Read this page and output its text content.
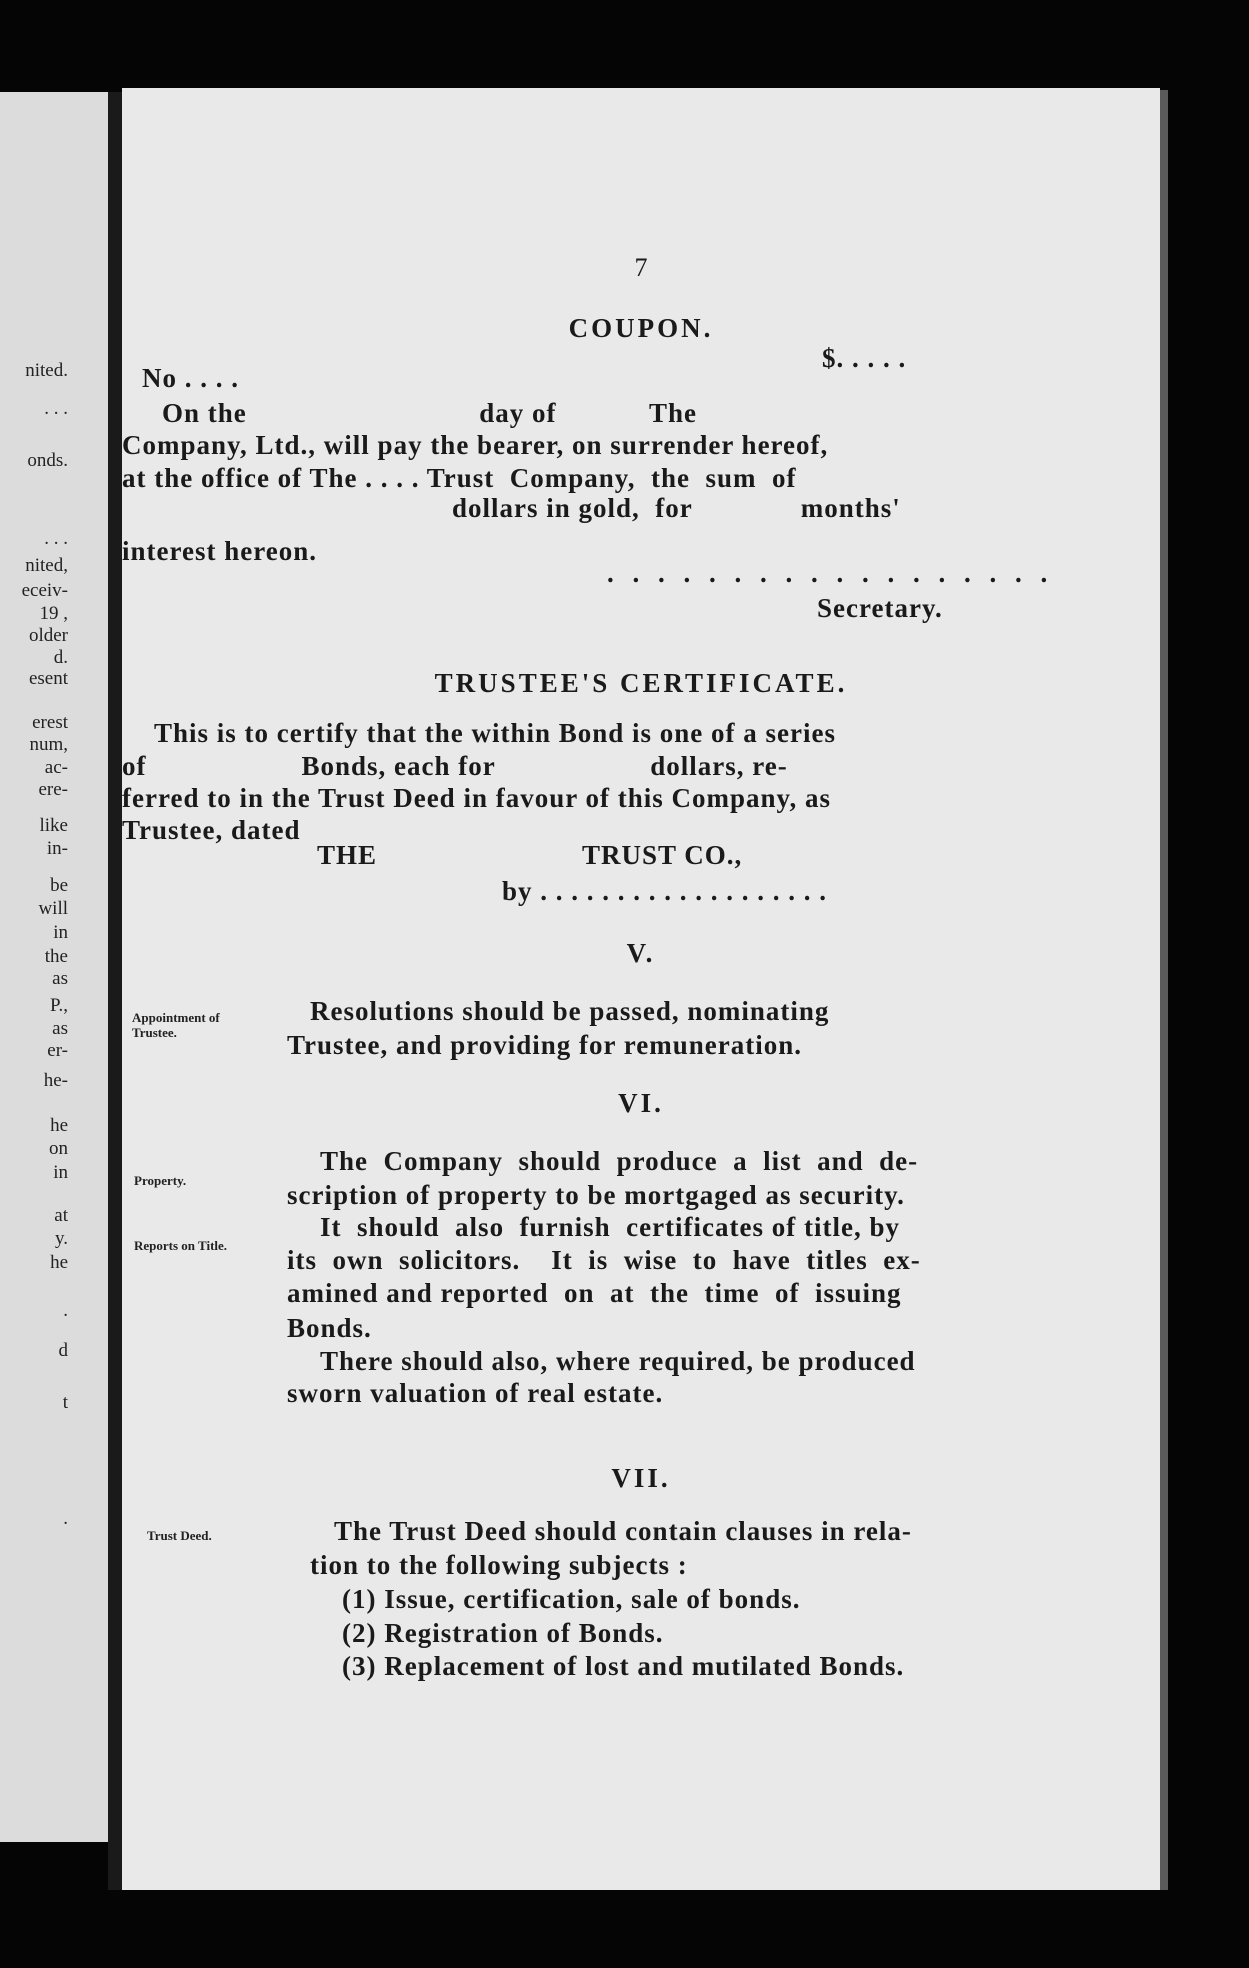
nited.
. . .
onds.
. . .
nited,
eceiv-
19 ,
older
d.
esent
erest
num,
ac-
ere-
like
in-
be
will
in
the
as
P.,
as
er-
he-
he
on
in
at
y.
he
.
d
t
.
7
COUPON.
No . . . .
$. . . . .
On the                              day of            The
Company, Ltd., will pay the bearer, on surrender hereof,
at the office of The . . . . Trust  Company,  the  sum  of
dollars in gold,  for              months'
interest hereon.
. . . . . . . . . . . . . . . . . .
Secretary.
TRUSTEE'S CERTIFICATE.
This is to certify that the within Bond is one of a series
of                    Bonds, each for                    dollars, re-
ferred to in the Trust Deed in favour of this Company, as
Trustee, dated
THE	TRUST CO.,
by . . . . . . . . . . . . . . . . . . .
V.
Appointment of Trustee.
Resolutions should be passed, nominating
Trustee, and providing for remuneration.
VI.
Property.
Reports on Title.
The  Company  should  produce  a  list  and  de-
scription of property to be mortgaged as security.
It  should  also  furnish  certificates of title, by
its  own  solicitors.    It  is  wise  to  have  titles  ex-
amined and reported  on  at  the  time  of  issuing
Bonds.
There should also, where required, be produced
sworn valuation of real estate.
VII.
Trust Deed.	The Trust Deed should contain clauses in rela-
tion to the following subjects :
(1) Issue, certification, sale of bonds.
(2) Registration of Bonds.
(3) Replacement of lost and mutilated Bonds.
